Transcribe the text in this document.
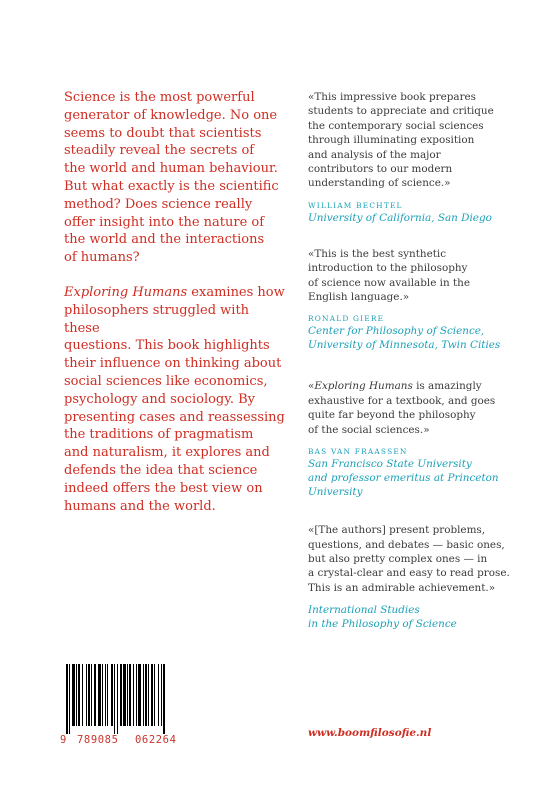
Science is the most powerful
generator of knowledge. No one
seems to doubt that scientists
steadily reveal the secrets of
the world and human behaviour.
But what exactly is the scientific
method? Does science really
offer insight into the nature of
the world and the interactions
of humans?

Exploring Humans examines how
philosophers struggled with these
questions. This book highlights
their influence on thinking about
social sciences like economics,
psychology and sociology. By
presenting cases and reassessing
the traditions of pragmatism
and naturalism, it explores and
defends the idea that science
indeed offers the best view on
humans and the world.

«This impressive book prepares
students to appreciate and critique
the contemporary social sciences
through illuminating exposition
and analysis of the major
contributors to our modern
understanding of science.»

WILLIAM BECHTEL
University of California, San Diego

«This is the best synthetic
introduction to the philosophy
of science now available in the
English language.»

RONALD GIERE
Center for Philosophy of Science,
University of Minnesota, Twin Cities

«Exploring Humans is amazingly
exhaustive for a textbook, and goes
quite far beyond the philosophy
of the social sciences.»

BAS VAN FRAASSEN
San Francisco State University
and professor emeritus at Princeton
University

«[The authors] present problems,
questions, and debates — basic ones,
but also pretty complex ones — in
a crystal-clear and easy to read prose.
This is an admirable achievement.»

International Studies
in the Philosophy of Science
9 789085 062264
www.boomfilosofie.nl
